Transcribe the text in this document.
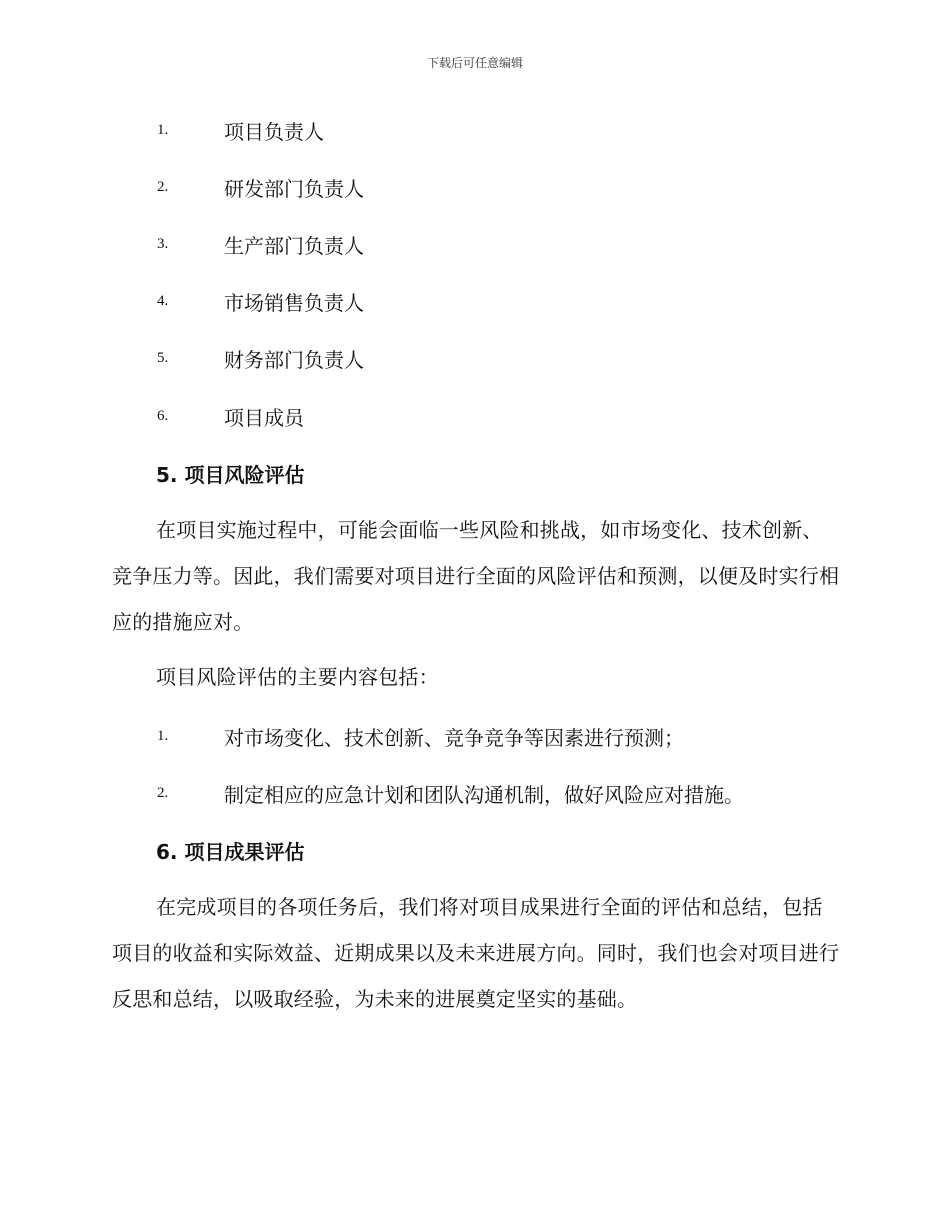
下载后可任意编辑
1.	项目负责人
2.	研发部门负责人
3.	生产部门负责人
4.	市场销售负责人
5.	财务部门负责人
6.	项目成员
5. 项目风险评估
在项目实施过程中，可能会面临一些风险和挑战，如市场变化、技术创新、竞争压力等。因此，我们需要对项目进行全面的风险评估和预测，以便及时实行相应的措施应对。
项目风险评估的主要内容包括：
1.	对市场变化、技术创新、竞争竞争等因素进行预测；
2.	制定相应的应急计划和团队沟通机制，做好风险应对措施。
6. 项目成果评估
在完成项目的各项任务后，我们将对项目成果进行全面的评估和总结，包括项目的收益和实际效益、近期成果以及未来进展方向。同时，我们也会对项目进行反思和总结，以吸取经验，为未来的进展奠定坚实的基础。
